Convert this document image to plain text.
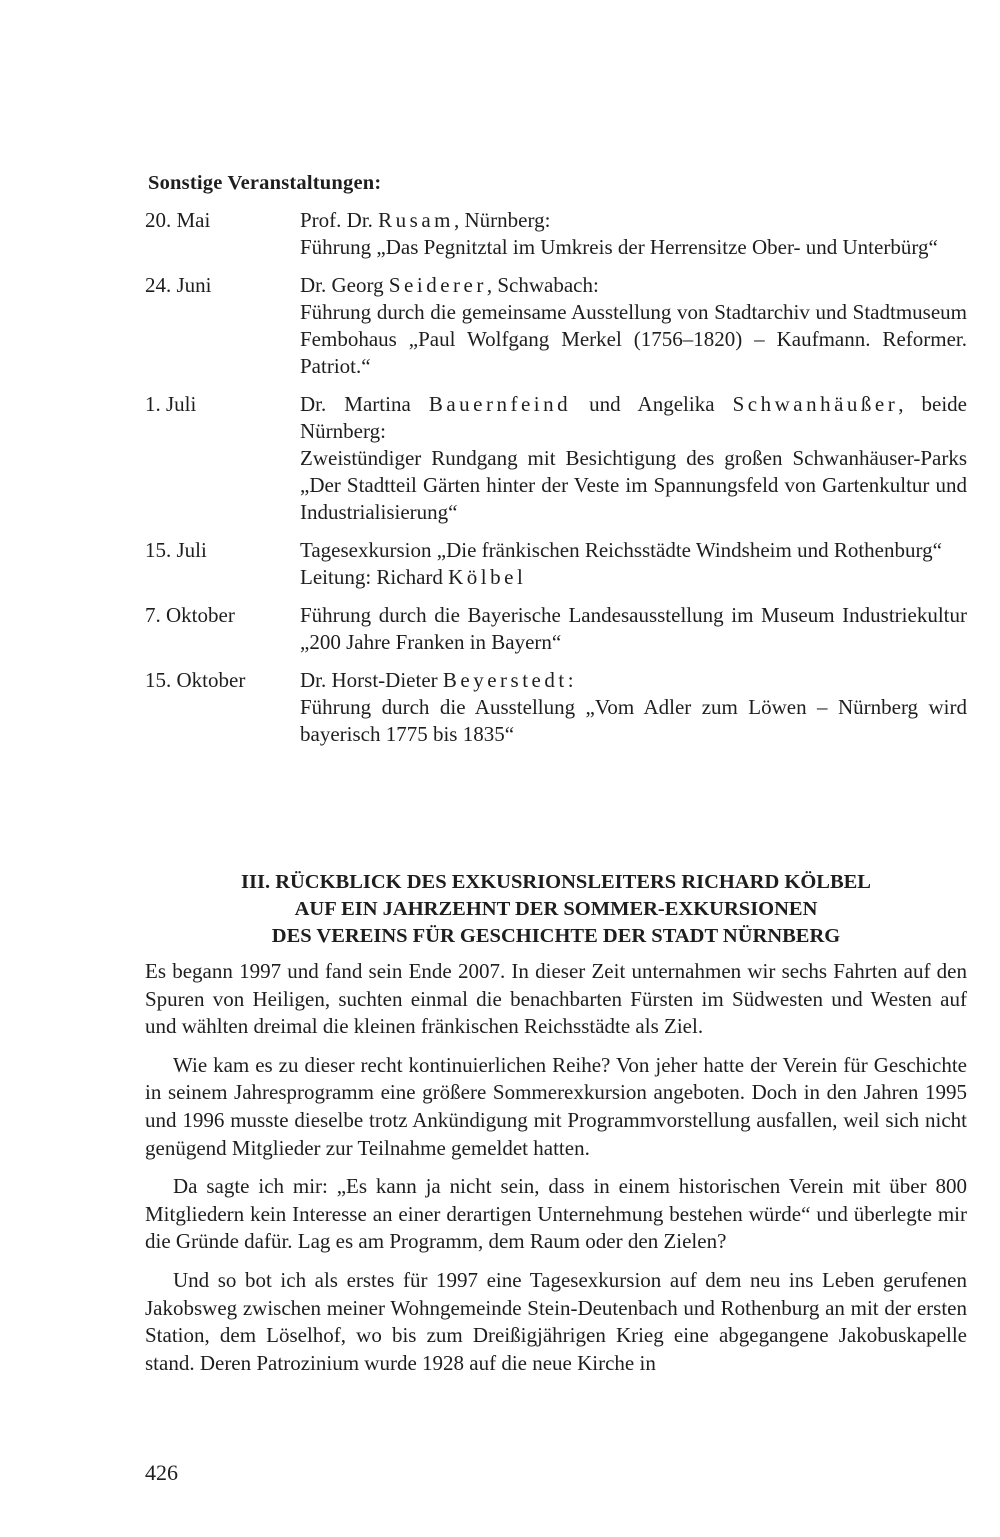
Sonstige Veranstaltungen:
20. Mai	Prof. Dr. Rusam, Nürnberg:
Führung „Das Pegnitztal im Umkreis der Herrensitze Ober- und Unterbürg“
24. Juni	Dr. Georg Seiderer, Schwabach:
Führung durch die gemeinsame Ausstellung von Stadtarchiv und Stadtmuseum Fembohaus „Paul Wolfgang Merkel (1756–1820) – Kaufmann. Reformer. Patriot.“
1. Juli	Dr. Martina Bauernfeind und Angelika Schwanhäußer, beide Nürnberg:
Zweistündiger Rundgang mit Besichtigung des großen Schwanhäuser-Parks „Der Stadtteil Gärten hinter der Veste im Spannungsfeld von Gartenkultur und Industrialisierung“
15. Juli	Tagesexkursion „Die fränkischen Reichsstädte Windsheim und Rothenburg“
Leitung: Richard Kölbel
7. Oktober	Führung durch die Bayerische Landesausstellung im Museum Industriekultur „200 Jahre Franken in Bayern“
15. Oktober	Dr. Horst-Dieter Beyerstedt:
Führung durch die Ausstellung „Vom Adler zum Löwen – Nürnberg wird bayerisch 1775 bis 1835“
III. RÜCKBLICK DES EXKUSRIONSLEITERS RICHARD KÖLBEL
AUF EIN JAHRZEHNT DER SOMMER-EXKURSIONEN
DES VEREINS FÜR GESCHICHTE DER STADT NÜRNBERG

Es begann 1997 und fand sein Ende 2007. In dieser Zeit unternahmen wir sechs Fahrten auf den Spuren von Heiligen, suchten einmal die benachbarten Fürsten im Südwesten und Westen auf und wählten dreimal die kleinen fränkischen Reichsstädte als Ziel.

Wie kam es zu dieser recht kontinuierlichen Reihe? Von jeher hatte der Verein für Geschichte in seinem Jahresprogramm eine größere Sommerexkursion angeboten. Doch in den Jahren 1995 und 1996 musste dieselbe trotz Ankündigung mit Programmvorstellung ausfallen, weil sich nicht genügend Mitglieder zur Teilnahme gemeldet hatten.

Da sagte ich mir: „Es kann ja nicht sein, dass in einem historischen Verein mit über 800 Mitgliedern kein Interesse an einer derartigen Unternehmung bestehen würde“ und überlegte mir die Gründe dafür. Lag es am Programm, dem Raum oder den Zielen?

Und so bot ich als erstes für 1997 eine Tagesexkursion auf dem neu ins Leben gerufenen Jakobsweg zwischen meiner Wohngemeinde Stein-Deutenbach und Rothenburg an mit der ersten Station, dem Löselhof, wo bis zum Dreißigjährigen Krieg eine abgegangene Jakobuskapelle stand. Deren Patrozinium wurde 1928 auf die neue Kirche in

426
